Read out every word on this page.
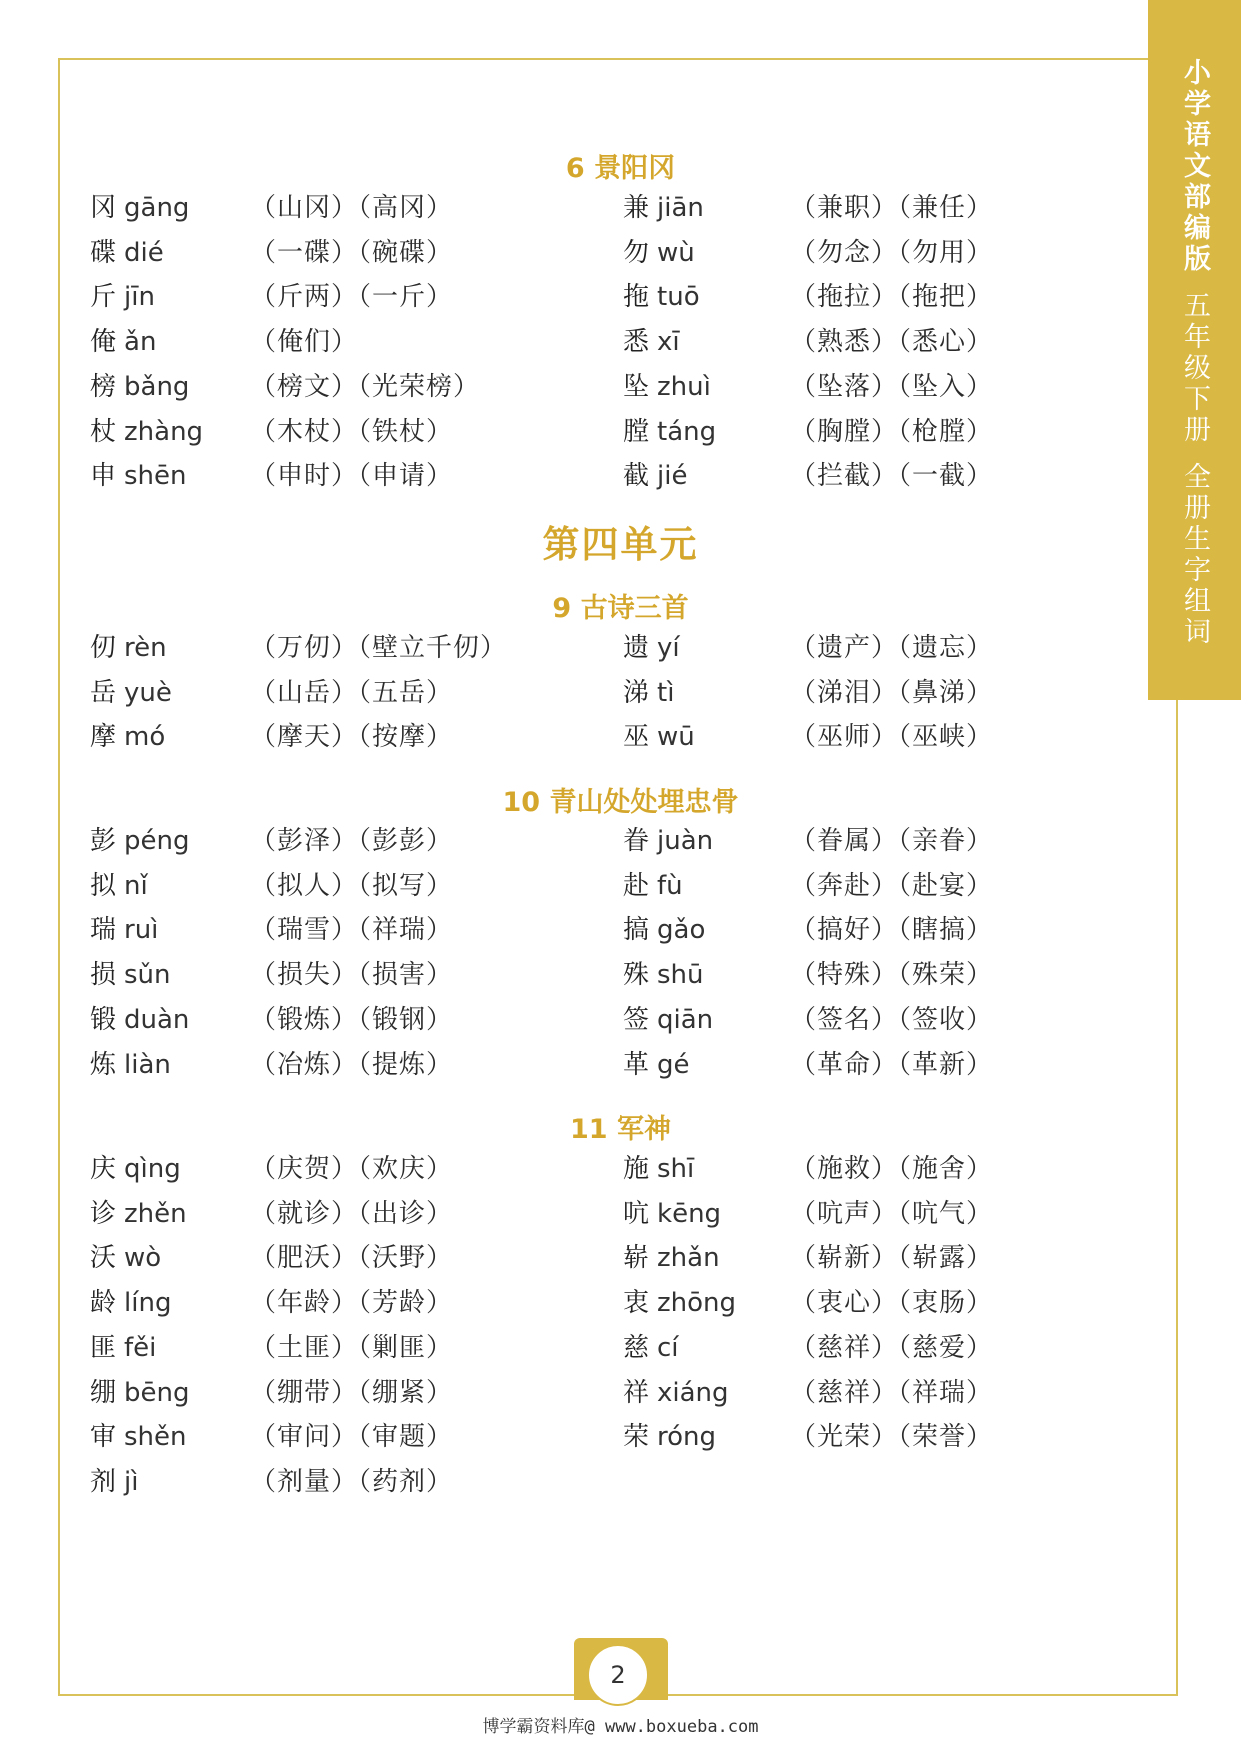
小学语文部编版
五年级下册
全册生字组词
6 景阳冈
冈 gāng （山冈）（高冈）	兼 jiān	（兼职）（兼任）
碟 dié	（一碟）（碗碟）	勿 wù	（勿念）（勿用）
斤 jīn	（斤两）（一斤）	拖 tuō	（拖拉）（拖把）
俺 ǎn	（俺们）	悉 xī	（熟悉）（悉心）
榜 bǎng （榜文）（光荣榜）	坠 zhuì	（坠落）（坠入）
杖 zhàng （木杖）（铁杖）	膛 táng	（胸膛）（枪膛）
申 shēn （申时）（申请）	截 jié	（拦截）（一截）
第四单元
9 古诗三首
仞 rèn	（万仞）（壁立千仞）	遗 yí	（遗产）（遗忘）
岳 yuè	（山岳）（五岳）	涕 tì	（涕泪）（鼻涕）
摩 mó	（摩天）（按摩）	巫 wū	（巫师）（巫峡）
10 青山处处埋忠骨
彭 péng （彭泽）（彭彭）	眷 juàn	（眷属）（亲眷）
拟 nǐ	（拟人）（拟写）	赴 fù	（奔赴）（赴宴）
瑞 ruì	（瑞雪）（祥瑞）	搞 gǎo	（搞好）（瞎搞）
损 sǔn	（损失）（损害）	殊 shū	（特殊）（殊荣）
锻 duàn （锻炼）（锻钢）	签 qiān	（签名）（签收）
炼 liàn	（冶炼）（提炼）	革 gé	（革命）（革新）
11 军神
庆 qìng	（庆贺）（欢庆）	施 shī	（施救）（施舍）
诊 zhěn （就诊）（出诊）	吭 kēng	（吭声）（吭气）
沃 wò	（肥沃）（沃野）	崭 zhǎn	（崭新）（崭露）
龄 líng	（年龄）（芳龄）	衷 zhōng （衷心）（衷肠）
匪 fěi	（土匪）（剿匪）	慈 cí	（慈祥）（慈爱）
绷 bēng （绷带）（绷紧）	祥 xiáng （慈祥）（祥瑞）
审 shěn （审问）（审题）	荣 róng	（光荣）（荣誉）
剂 jì	（剂量）（药剂）
2
博学霸资料库@ www.boxueba.com
